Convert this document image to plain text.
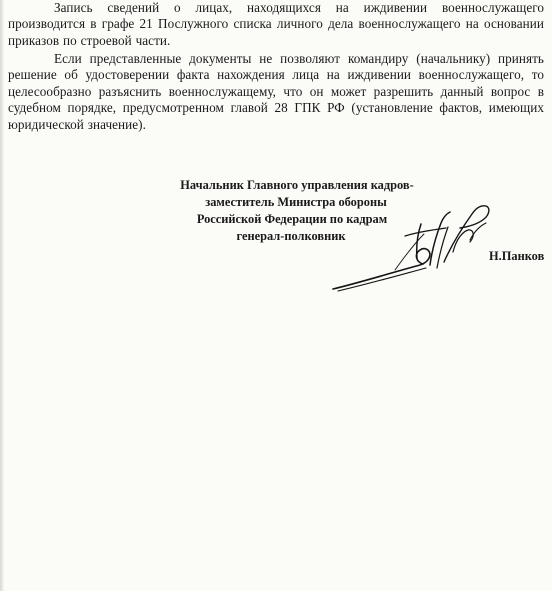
Запись сведений о лицах, находящихся на иждивении военнослужащего производится в графе 21 Послужного списка личного дела военнослужащего на основании приказов по строевой части.

Если представленные документы не позволяют командиру (начальнику) принять решение об удостоверении факта нахождения лица на иждивении военнослужащего, то целесообразно разъяснить военнослужащему, что он может разрешить данный вопрос в судебном порядке, предусмотренном главой 28 ГПК РФ (установление фактов, имеющих юридической значение).

Начальник Главного управления кадров-
заместитель Министра обороны
Российской Федерации по кадрам
генерал-полковник
Н.Панков
